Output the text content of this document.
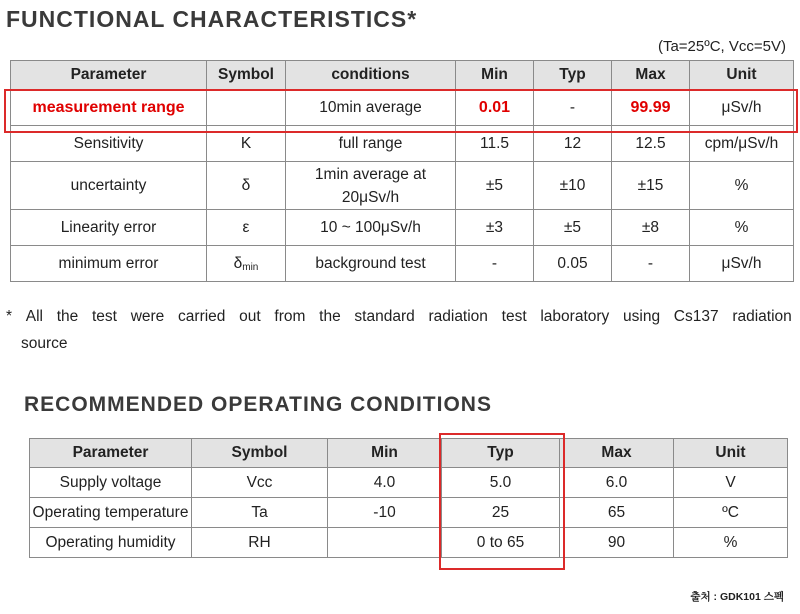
FUNCTIONAL CHARACTERISTICS*
(Ta=25ºC, Vcc=5V)
Parameter	Symbol	conditions	Min	Typ	Max	Unit
measurement range		10min average	0.01	-	99.99	μSv/h
Sensitivity	K	full range	11.5	12	12.5	cpm/μSv/h
uncertainty	δ	1min average at
20μSv/h	±5	±10	±15	%
Linearity error	ε	10 ~ 100μSv/h	±3	±5	±8	%
minimum error	$\delta_{min}$	background test	-	0.05	-	μSv/h
* All the test were carried out from the standard radiation test laboratory using Cs137 radiation
source
RECOMMENDED OPERATING CONDITIONS
Parameter	Symbol	Min	Typ	Max	Unit
Supply voltage	Vcc	4.0	5.0	6.0	V
Operating temperature	Ta	-10	25	65	ºC
Operating humidity	RH		0 to 65	90	%
출처 : GDK101 스펙
